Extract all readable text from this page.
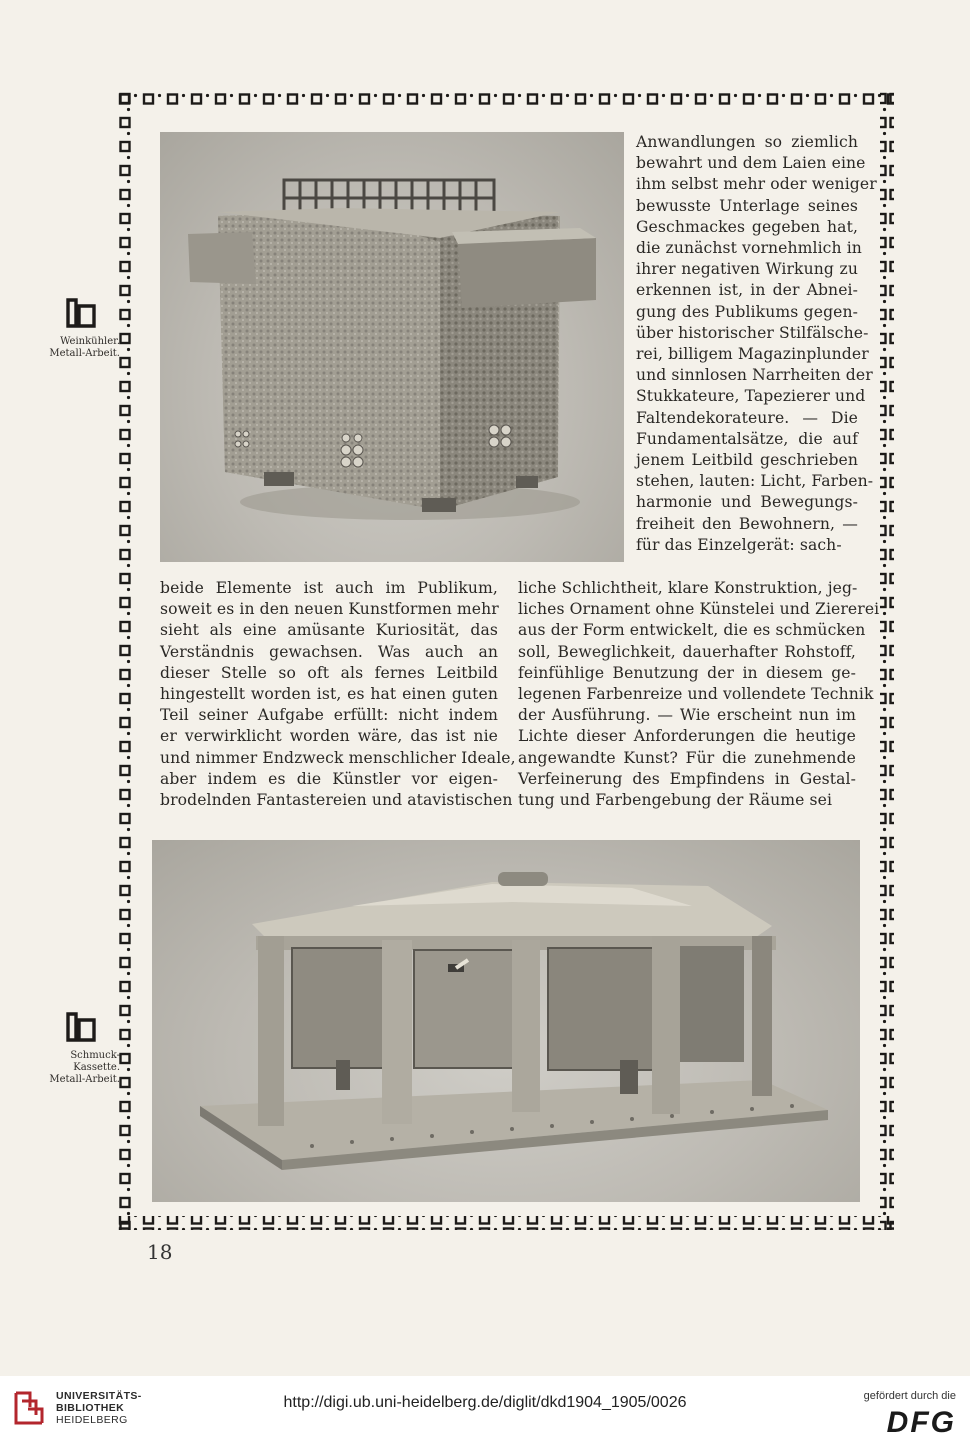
Weinkühler.
Metall-Arbeit.
Schmuck-
Kassette.
Metall-Arbeit.
Anwandlungen so ziemlich
bewahrt und dem Laien eine
ihm selbst mehr oder weniger
bewusste Unterlage seines
Geschmackes gegeben hat,
die zunächst vornehmlich in
ihrer negativen Wirkung zu
erkennen ist, in der Abnei-
gung des Publikums gegen-
über historischer Stilfälsche-
rei, billigem Magazinplunder
und sinnlosen Narrheiten der
Stukkateure, Tapezierer und
Faltendekorateure. — Die
Fundamentalsätze, die auf
jenem Leitbild geschrieben
stehen, lauten: Licht, Farben-
harmonie und Bewegungs-
freiheit den Bewohnern, —
für das Einzelgerät: sach-
beide Elemente ist auch im Publikum,
soweit es in den neuen Kunstformen mehr
sieht als eine amüsante Kuriosität, das
Verständnis gewachsen. Was auch an
dieser Stelle so oft als fernes Leitbild
hingestellt worden ist, es hat einen guten
Teil seiner Aufgabe erfüllt: nicht indem
er verwirklicht worden wäre, das ist nie
und nimmer Endzweck menschlicher Ideale,
aber indem es die Künstler vor eigen-
brodelnden Fantastereien und atavistischen
liche Schlichtheit, klare Konstruktion, jeg-
liches Ornament ohne Künstelei und Ziererei
aus der Form entwickelt, die es schmücken
soll, Beweglichkeit, dauerhafter Rohstoff,
feinfühlige Benutzung der in diesem ge-
legenen Farbenreize und vollendete Technik
der Ausführung. — Wie erscheint nun im
Lichte dieser Anforderungen die heutige
angewandte Kunst? Für die zunehmende
Verfeinerung des Empfindens in Gestal-
tung und Farbengebung der Räume sei
18
UNIVERSITÄTS-
BIBLIOTHEK
HEIDELBERG
http://digi.ub.uni-heidelberg.de/diglit/dkd1904_1905/0026	gefördert durch die
DFG
